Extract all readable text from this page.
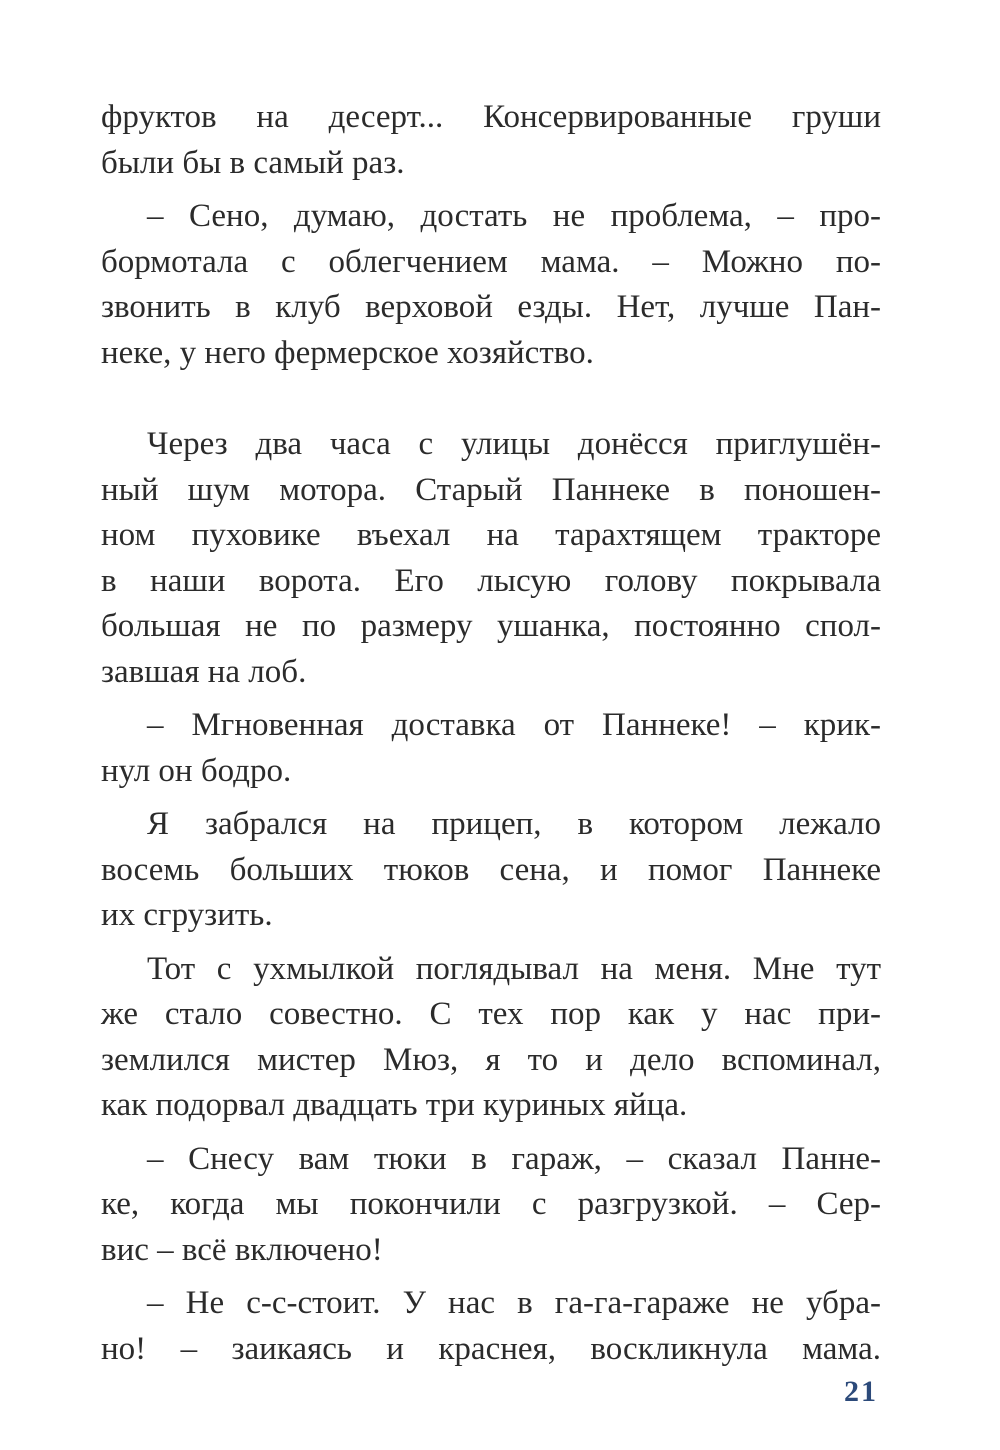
фруктов на десерт... Консервированные груши
были бы в самый раз.
– Сено, думаю, достать не проблема, – про-
бормотала с облегчением мама. – Можно по-
звонить в клуб верховой езды. Нет, лучше Пан-
неке, у него фермерское хозяйство.
Через два часа с улицы донёсся приглушён-
ный шум мотора. Старый Паннеке в поношен-
ном пуховике въехал на тарахтящем тракторе
в наши ворота. Его лысую голову покрывала
большая не по размеру ушанка, постоянно спол-
завшая на лоб.
– Мгновенная доставка от Паннеке! – крик-
нул он бодро.
Я забрался на прицеп, в котором лежало
восемь больших тюков сена, и помог Паннеке
их сгрузить.
Тот с ухмылкой поглядывал на меня. Мне тут
же стало совестно. С тех пор как у нас при-
землился мистер Мюз, я то и дело вспоминал,
как подорвал двадцать три куриных яйца.
– Снесу вам тюки в гараж, – сказал Панне-
ке, когда мы покончили с разгрузкой. – Сер-
вис – всё включено!
– Не с-с-стоит. У нас в га-га-гараже не убра-
но! – заикаясь и краснея, воскликнула мама.
21
